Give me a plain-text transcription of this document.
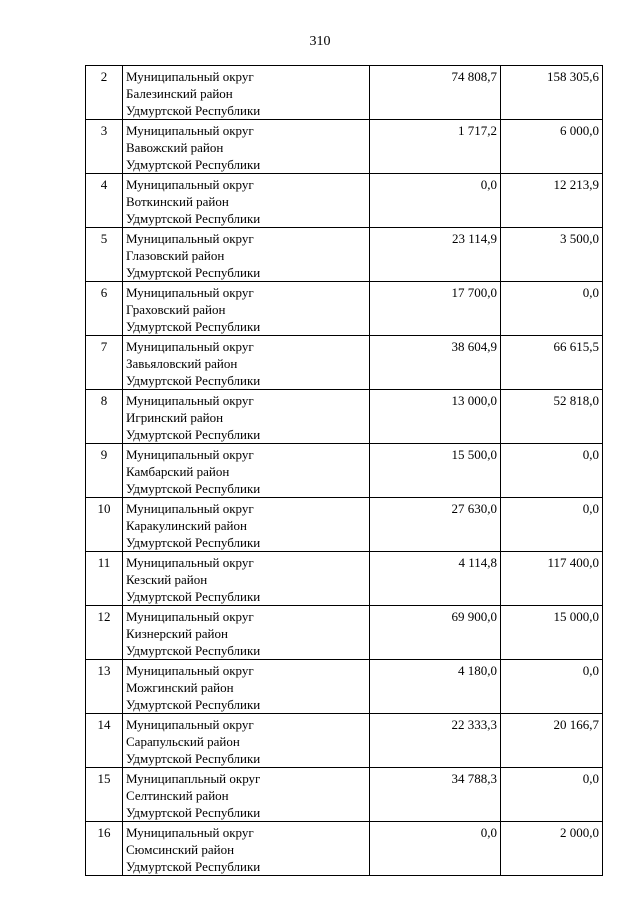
310
2	Муниципальный округ
Балезинский район
Удмуртской Республики	74 808,7	158 305,6
3	Муниципальный округ
Вавожский район
Удмуртской Республики	1 717,2	6 000,0
4	Муниципальный округ
Воткинский район
Удмуртской Республики	0,0	12 213,9
5	Муниципальный округ
Глазовский район
Удмуртской Республики	23 114,9	3 500,0
6	Муниципальный округ
Граховский район
Удмуртской Республики	17 700,0	0,0
7	Муниципальный округ
Завьяловский район
Удмуртской Республики	38 604,9	66 615,5
8	Муниципальный округ
Игринский район
Удмуртской Республики	13 000,0	52 818,0
9	Муниципальный округ
Камбарский район
Удмуртской Республики	15 500,0	0,0
10	Муниципальный округ
Каракулинский район
Удмуртской Республики	27 630,0	0,0
11	Муниципальный округ
Кезский район
Удмуртской Республики	4 114,8	117 400,0
12	Муниципальный округ
Кизнерский район
Удмуртской Республики	69 900,0	15 000,0
13	Муниципальный округ
Можгинский район
Удмуртской Республики	4 180,0	0,0
14	Муниципальный округ
Сарапульский район
Удмуртской Республики	22 333,3	20 166,7
15	Муниципапльный округ
Селтинский район
Удмуртской Республики	34 788,3	0,0
16	Муниципальный округ
Сюмсинский район
Удмуртской Республики	0,0	2 000,0
